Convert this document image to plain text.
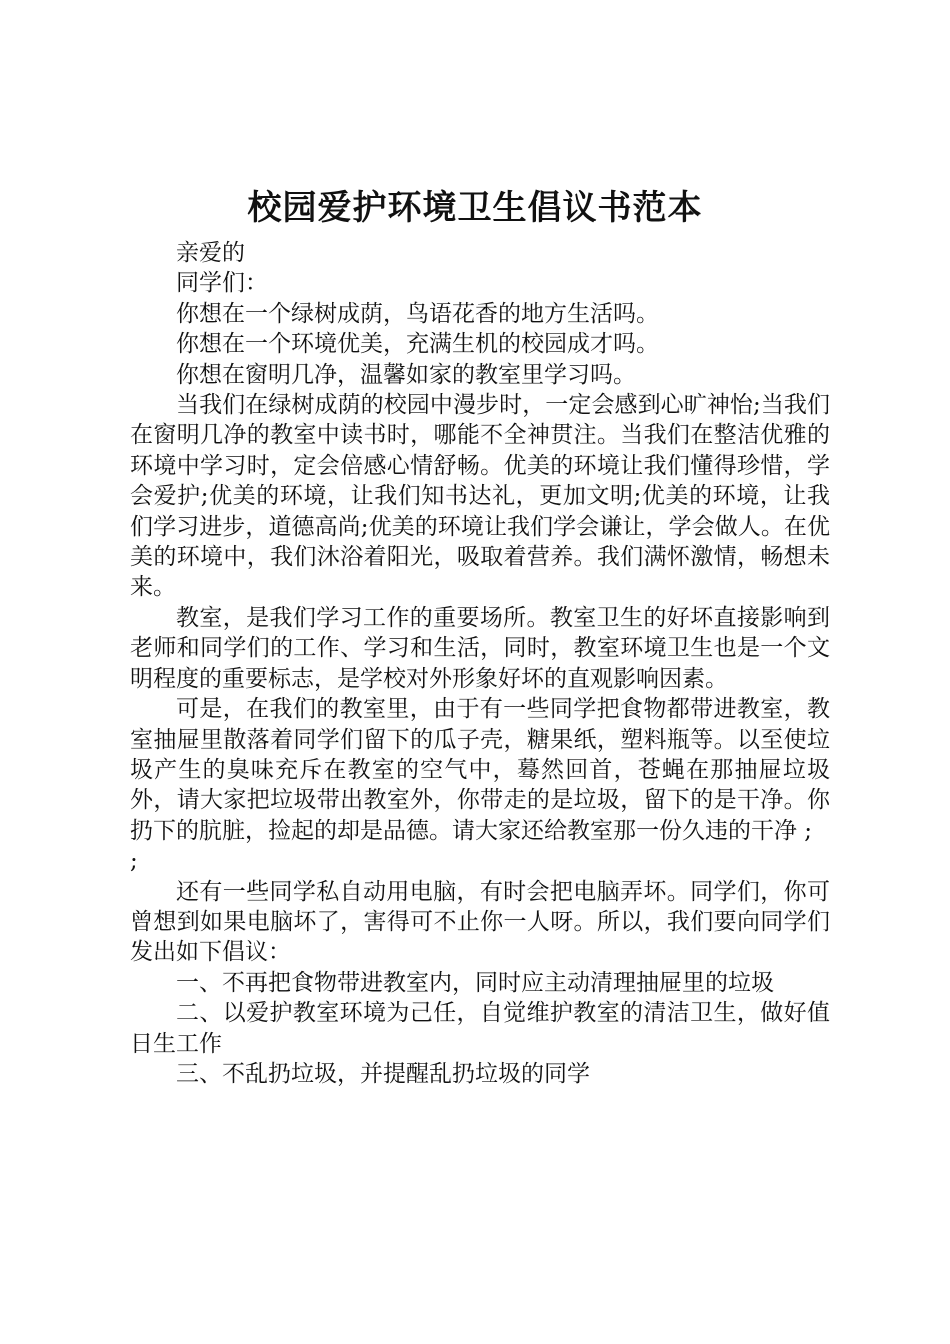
校园爱护环境卫生倡议书范本

亲爱的

同学们：

你想在一个绿树成荫，鸟语花香的地方生活吗。

你想在一个环境优美，充满生机的校园成才吗。

你想在窗明几净，温馨如家的教室里学习吗。

当我们在绿树成荫的校园中漫步时，一定会感到心旷神怡;当我们在窗明几净的教室中读书时，哪能不全神贯注。当我们在整洁优雅的环境中学习时，定会倍感心情舒畅。优美的环境让我们懂得珍惜，学会爱护;优美的环境，让我们知书达礼，更加文明;优美的环境，让我们学习进步，道德高尚;优美的环境让我们学会谦让，学会做人。在优美的环境中，我们沐浴着阳光，吸取着营养。我们满怀激情，畅想未来。

教室，是我们学习工作的重要场所。教室卫生的好坏直接影响到老师和同学们的工作、学习和生活，同时，教室环境卫生也是一个文明程度的重要标志，是学校对外形象好坏的直观影响因素。

可是，在我们的教室里，由于有一些同学把食物都带进教室，教室抽屉里散落着同学们留下的瓜子壳，糖果纸，塑料瓶等。以至使垃圾产生的臭味充斥在教室的空气中，蓦然回首，苍蝇在那抽屉垃圾外，请大家把垃圾带出教室外，你带走的是垃圾，留下的是干净。你扔下的肮脏，捡起的却是品德。请大家还给教室那一份久违的干净 ;

;

还有一些同学私自动用电脑，有时会把电脑弄坏。同学们，你可曾想到如果电脑坏了，害得可不止你一人呀。所以，我们要向同学们发出如下倡议：

一、不再把食物带进教室内，同时应主动清理抽屉里的垃圾

二、以爱护教室环境为己任，自觉维护教室的清洁卫生，做好值日生工作

三、不乱扔垃圾，并提醒乱扔垃圾的同学
